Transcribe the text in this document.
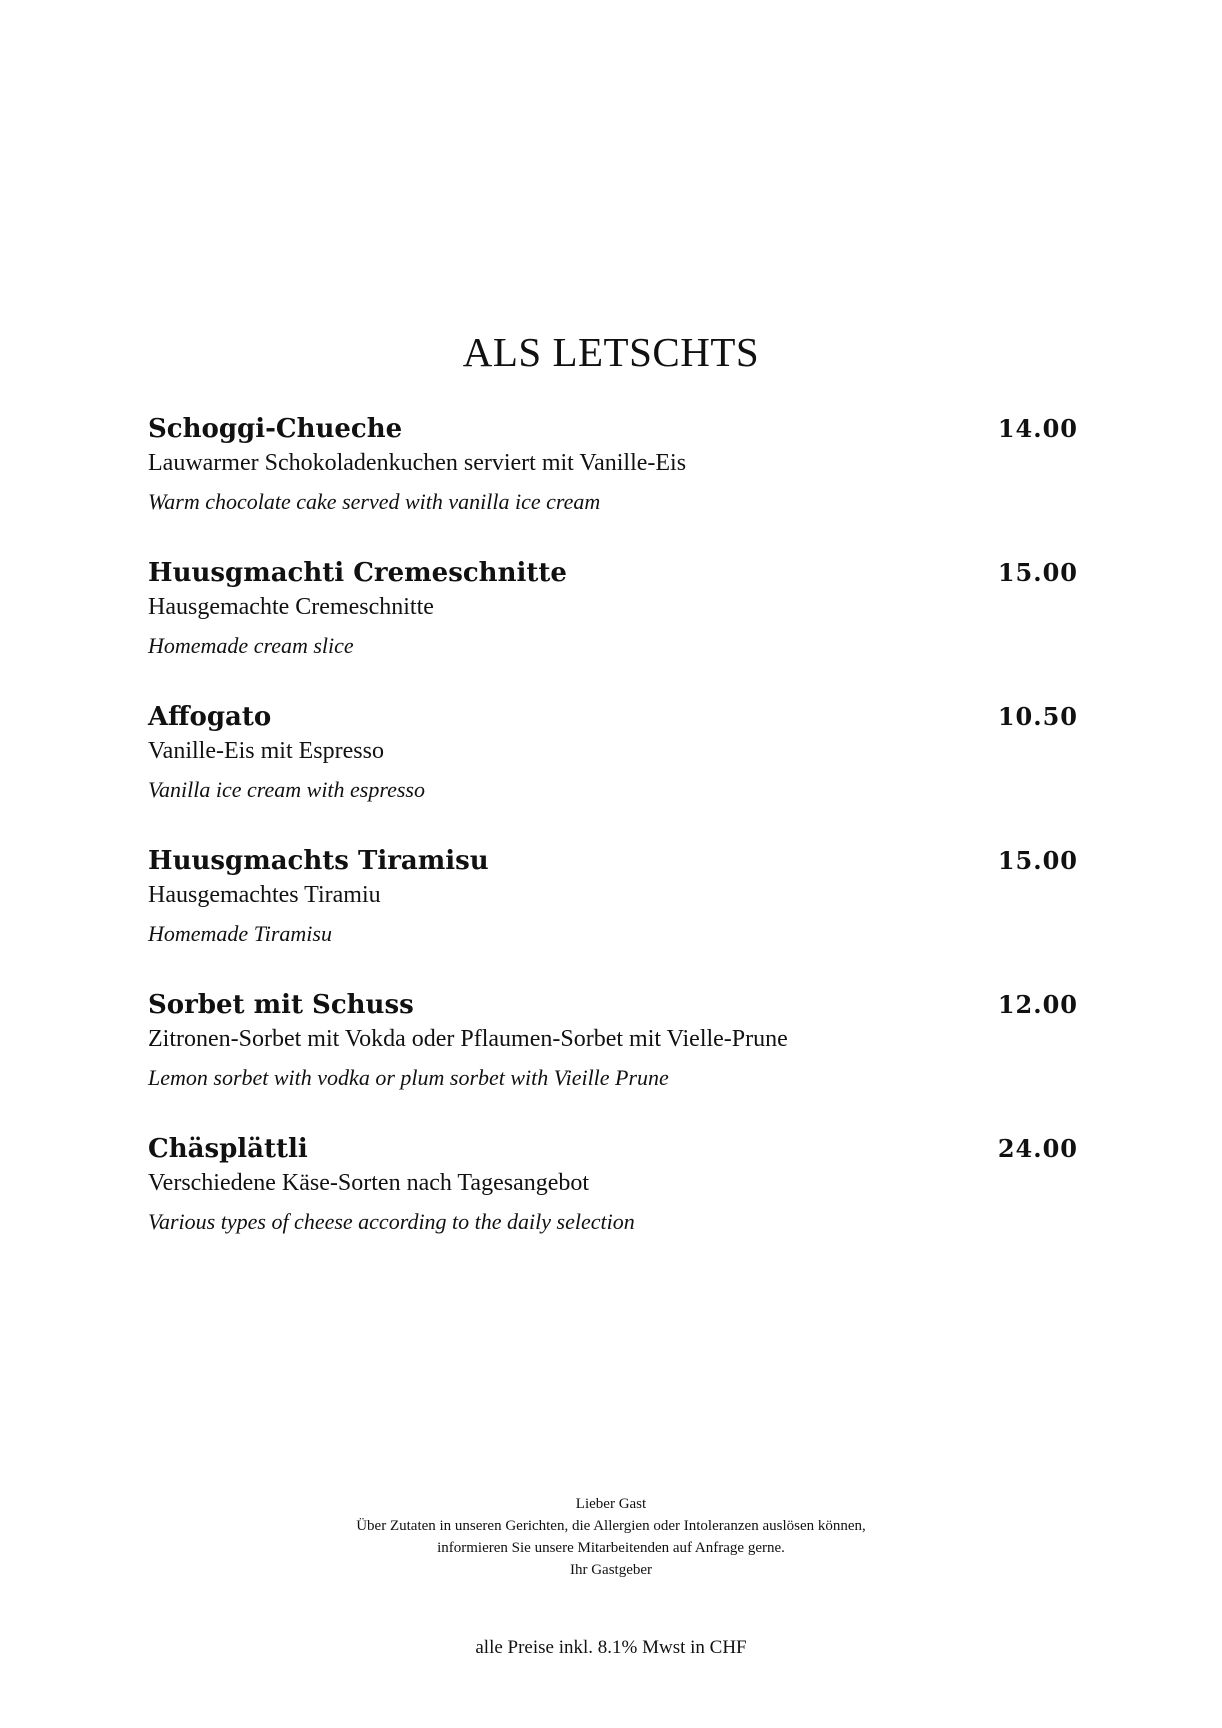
ALS LETSCHTS
Schoggi-Chueche	14.00
Lauwarmer Schokoladenkuchen serviert mit Vanille-Eis
Warm chocolate cake served with vanilla ice cream
Huusgmachti Cremeschnitte	15.00
Hausgemachte Cremeschnitte
Homemade cream slice
Affogato	10.50
Vanille-Eis mit Espresso
Vanilla ice cream with espresso
Huusgmachts Tiramisu	15.00
Hausgemachtes Tiramiu
Homemade Tiramisu
Sorbet mit Schuss	12.00
Zitronen-Sorbet mit Vokda oder Pflaumen-Sorbet mit Vielle-Prune
Lemon sorbet with vodka or plum sorbet with Vieille Prune
Chäsplättli	24.00
Verschiedene Käse-Sorten nach Tagesangebot
Various types of cheese according to the daily selection
Lieber Gast
Über Zutaten in unseren Gerichten, die Allergien oder Intoleranzen auslösen können,
informieren Sie unsere Mitarbeitenden auf Anfrage gerne.
Ihr Gastgeber
alle Preise inkl. 8.1% Mwst in CHF
